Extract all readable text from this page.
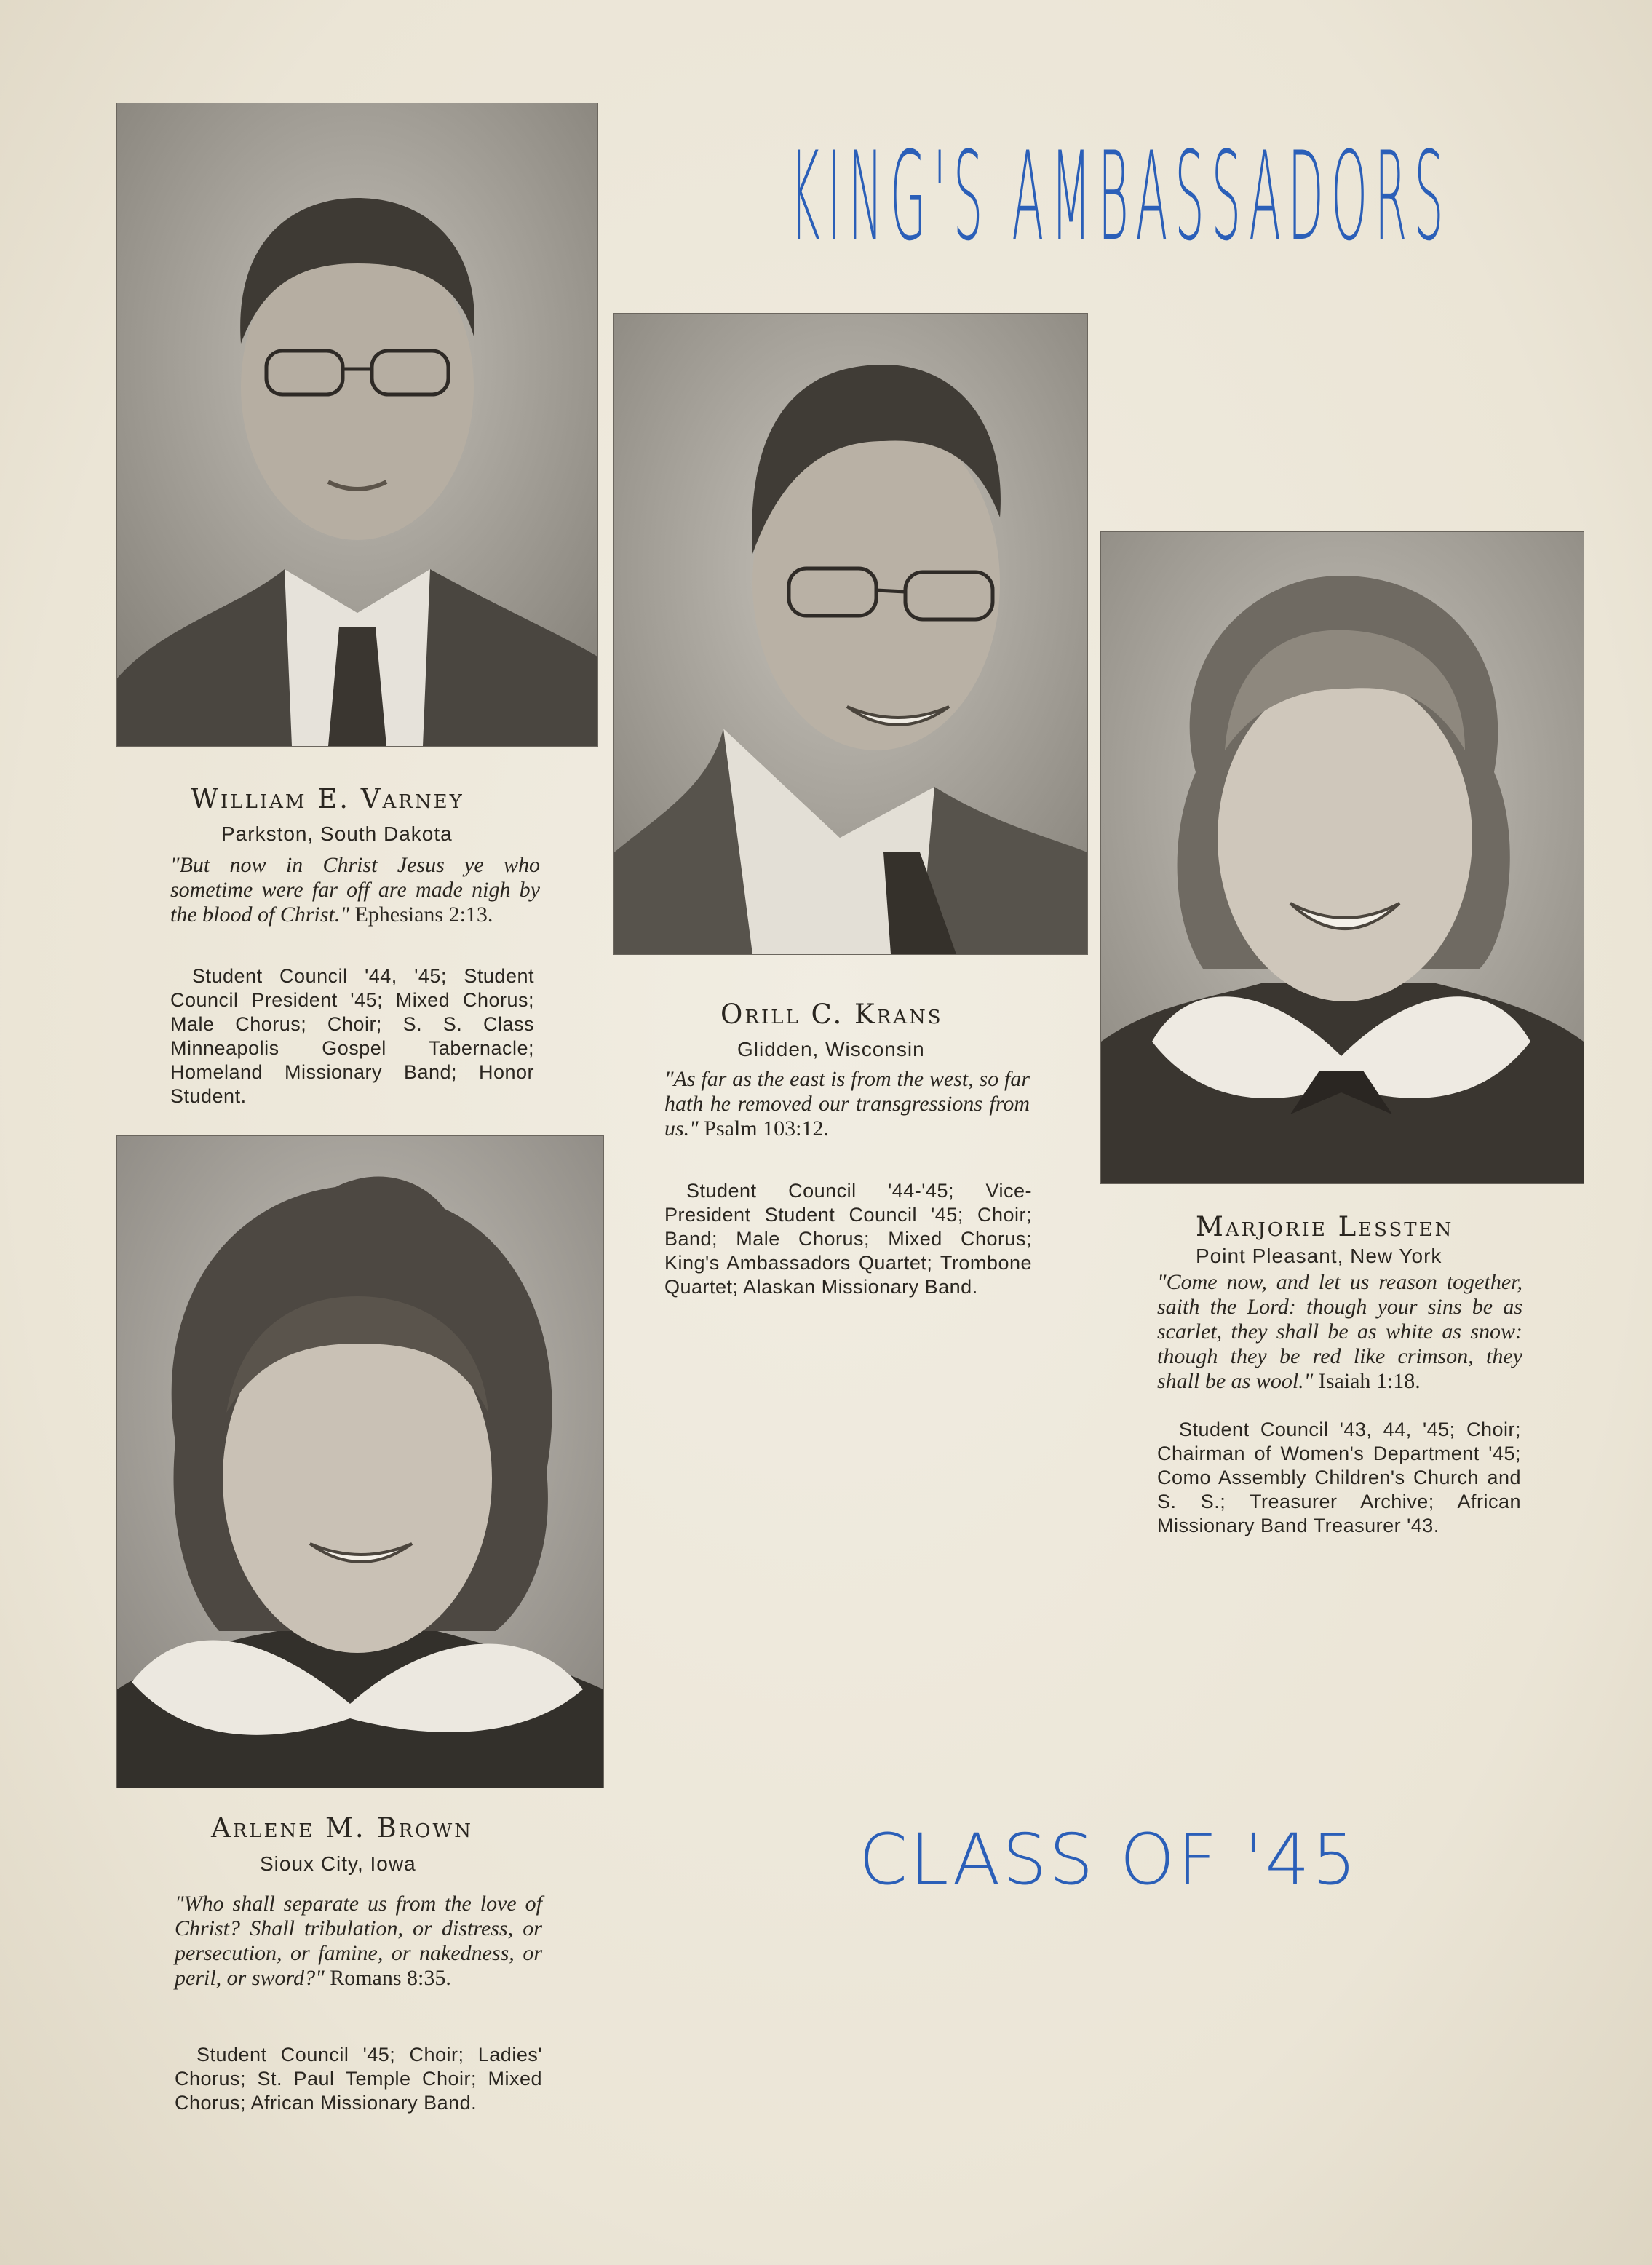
KING'S AMBASSADORS
William E. Varney
Parkston, South Dakota
"But now in Christ Jesus ye who sometime were far off are made nigh by the blood of Christ." Ephesians 2:13.
Student Council '44, '45; Student Council President '45; Mixed Chorus; Male Chorus; Choir; S. S. Class Minneapolis Gospel Tabernacle; Homeland Missionary Band; Honor Student.
Orill C. Krans
Glidden, Wisconsin
"As far as the east is from the west, so far hath he removed our transgressions from us." Psalm 103:12.
Student Council '44-'45; Vice-President Student Council '45; Choir; Band; Male Chorus; Mixed Chorus; King's Ambassadors Quartet; Trombone Quartet; Alaskan Missionary Band.
Marjorie Lessten
Point Pleasant, New York
"Come now, and let us reason together, saith the Lord: though your sins be as scarlet, they shall be as white as snow: though they be red like crimson, they shall be as wool." Isaiah 1:18.
Student Council '43, 44, '45; Choir; Chairman of Women's Department '45; Como Assembly Children's Church and S. S.; Treasurer Archive; African Missionary Band Treasurer '43.
Arlene M. Brown
Sioux City, Iowa
"Who shall separate us from the love of Christ? Shall tribulation, or distress, or persecution, or famine, or nakedness, or peril, or sword?" Romans 8:35.
Student Council '45; Choir; Ladies' Chorus; St. Paul Temple Choir; Mixed Chorus; African Missionary Band.
CLASS OF '45
